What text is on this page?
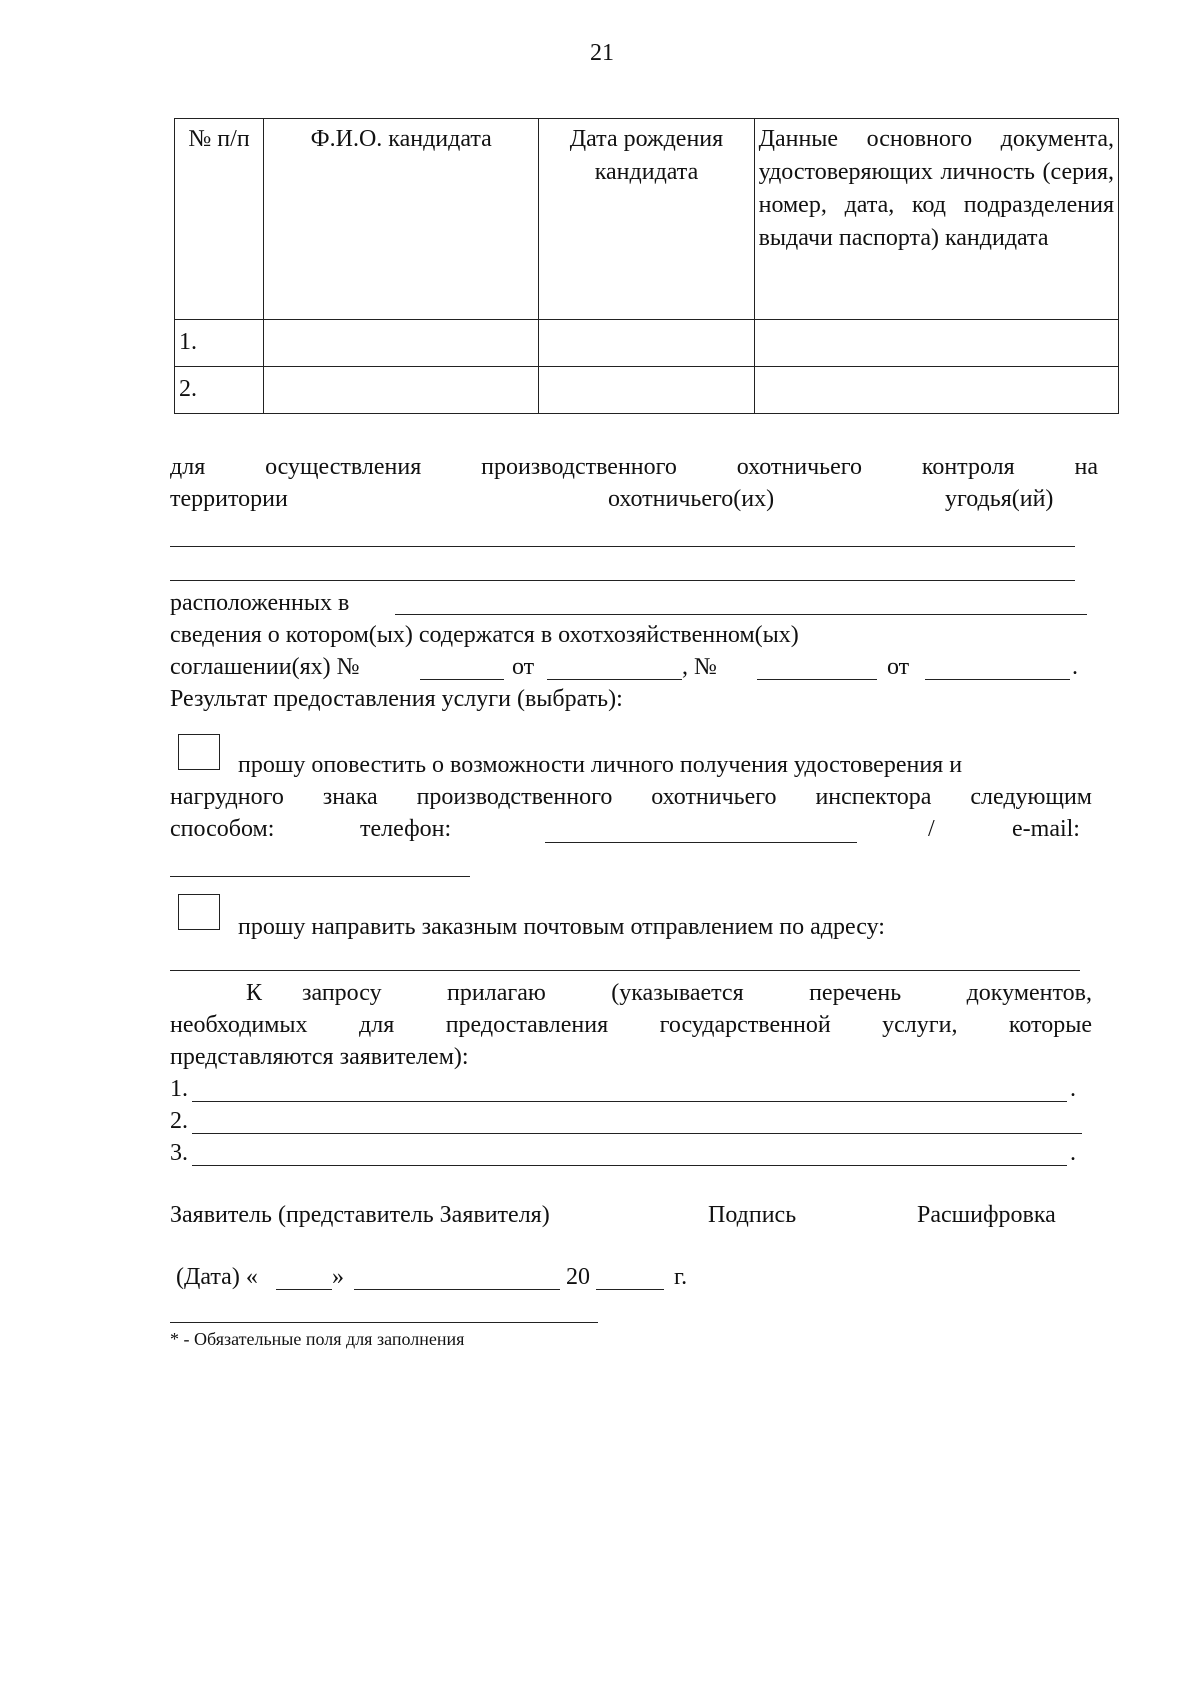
21
№ п/п	Ф.И.О. кандидата	Дата рождения кандидата	Данные основного документа, удостоверяющих личность (серия, номер, дата, код подразделения выдачи паспорта) кандидата
1.			
2.			
для осуществления производственного охотничьего контроля на
территории	охотничьего(их)	угодья(ий)
расположенных в
сведения о котором(ых) содержатся в охотхозяйственном(ых)
соглашении(ях) №	от	, №	от	.
Результат предоставления услуги (выбрать):
прошу оповестить о возможности личного получения удостоверения и
нагрудного знака производственного охотничьего инспектора следующим
способом:	телефон:	/	e-mail:
прошу направить заказным почтовым отправлением по адресу:
К запросу прилагаю (указывается перечень документов,
необходимых для предоставления государственной услуги, которые
представляются заявителем):
1.	.
2.
3.	.
Заявитель (представитель Заявителя)	Подпись	Расшифровка
(Дата) «	»	20	г.
* - Обязательные поля для заполнения
